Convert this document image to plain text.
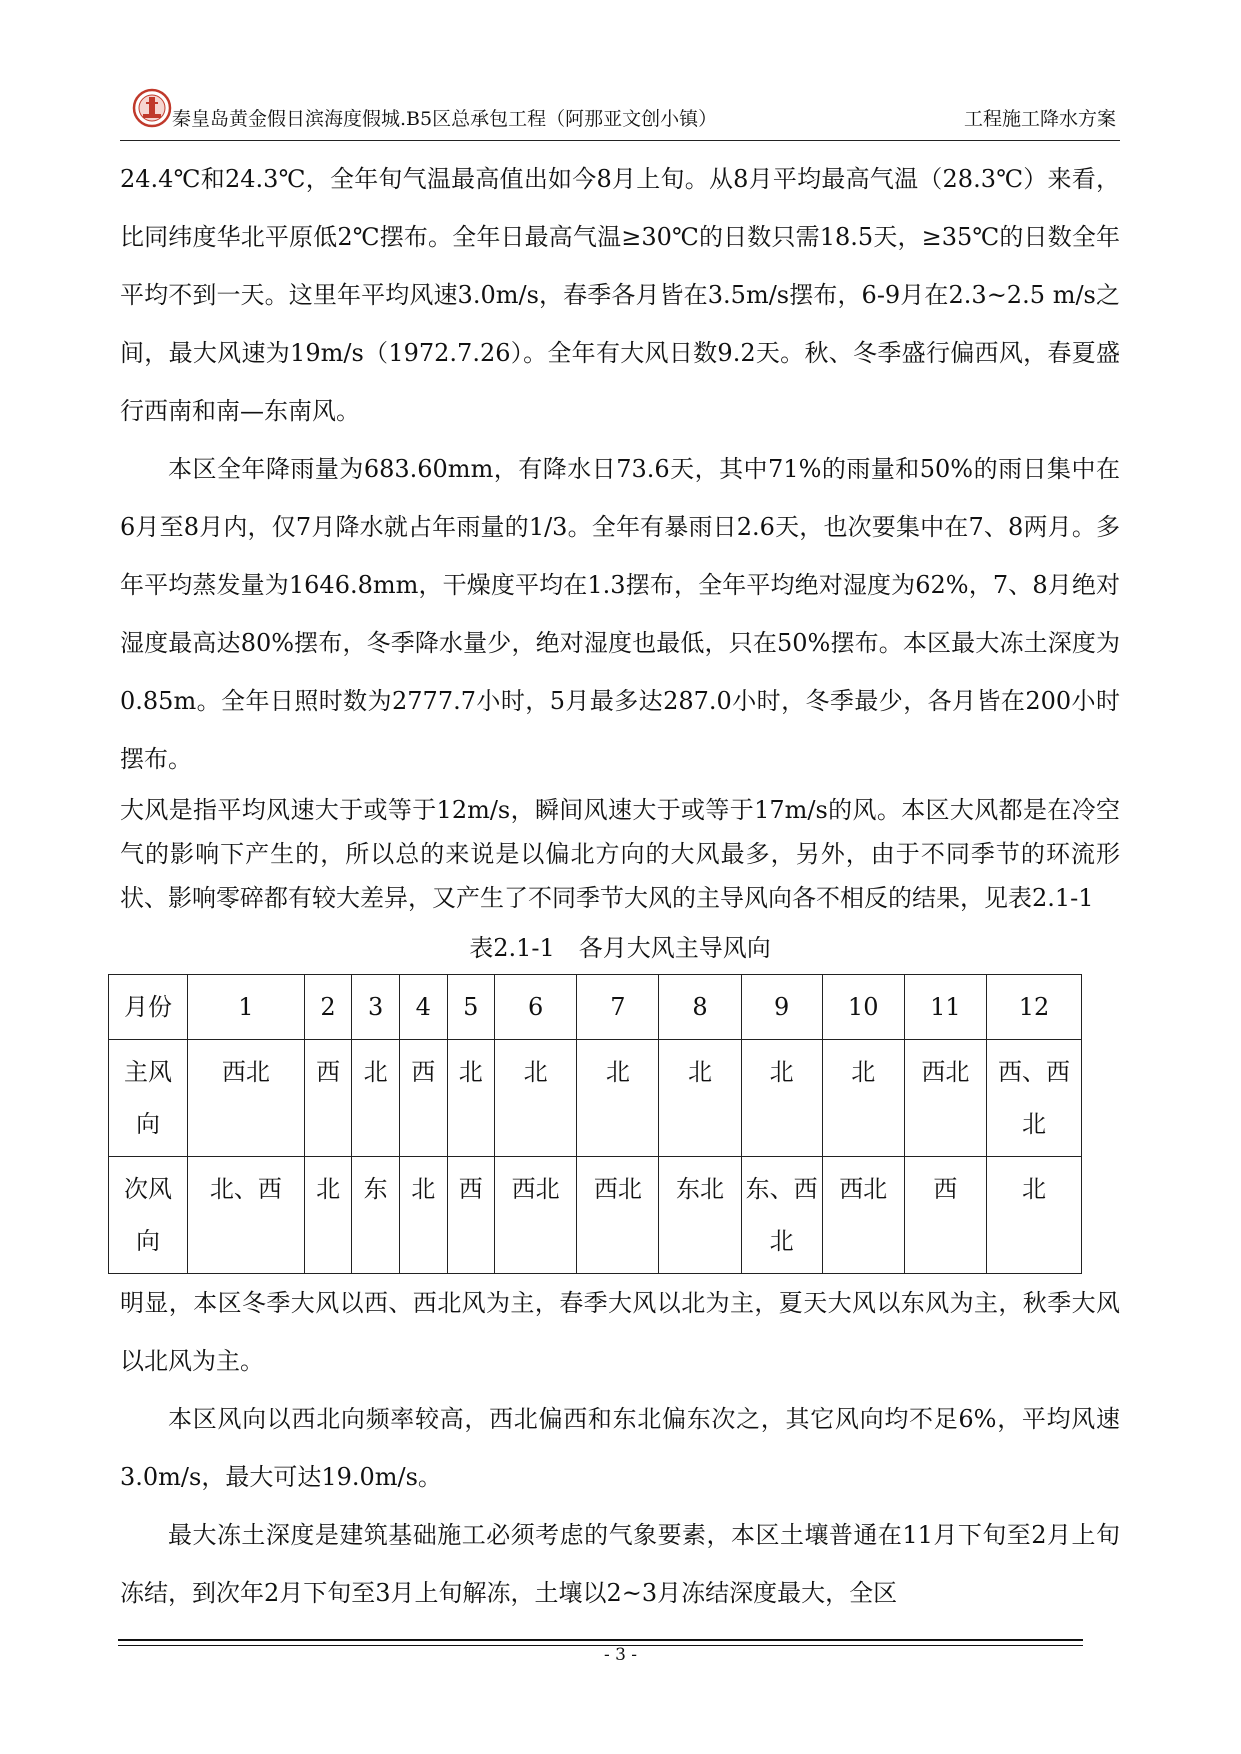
秦皇岛黄金假日滨海度假城.B5区总承包工程（阿那亚文创小镇）	工程施工降水方案

24.4℃和24.3℃，全年旬气温最高值出如今8月上旬。从8月平均最高气温（28.3℃）来看，比同纬度华北平原低2℃摆布。全年日最高气温≥30℃的日数只需18.5天，≥35℃的日数全年平均不到一天。这里年平均风速3.0m/s，春季各月皆在3.5m/s摆布，6-9月在2.3~2.5 m/s之间，最大风速为19m/s（1972.7.26）。全年有大风日数9.2天。秋、冬季盛行偏西风，春夏盛行西南和南—东南风。

本区全年降雨量为683.60mm，有降水日73.6天，其中71%的雨量和50%的雨日集中在6月至8月内，仅7月降水就占年雨量的1/3。全年有暴雨日2.6天，也次要集中在7、8两月。多年平均蒸发量为1646.8mm，干燥度平均在1.3摆布，全年平均绝对湿度为62%，7、8月绝对湿度最高达80%摆布，冬季降水量少，绝对湿度也最低，只在50%摆布。本区最大冻土深度为0.85m。全年日照时数为2777.7小时，5月最多达287.0小时，冬季最少，各月皆在200小时摆布。

大风是指平均风速大于或等于12m/s，瞬间风速大于或等于17m/s的风。本区大风都是在冷空气的影响下产生的，所以总的来说是以偏北方向的大风最多，另外，由于不同季节的环流形状、影响零碎都有较大差异，又产生了不同季节大风的主导风向各不相反的结果，见表2.1-1

表2.1-1　各月大风主导风向
月份	1	2	3	4	5	6	7	8	9	10	11	12
主风向	西北	西	北	西	北	北	北	北	北	北	西北	西、西北
次风向	北、西	北	东	北	西	西北	西北	东北	东、西北	西北	西	北

明显，本区冬季大风以西、西北风为主，春季大风以北为主，夏天大风以东风为主，秋季大风以北风为主。

本区风向以西北向频率较高，西北偏西和东北偏东次之，其它风向均不足6%，平均风速3.0m/s，最大可达19.0m/s。

最大冻土深度是建筑基础施工必须考虑的气象要素，本区土壤普通在11月下旬至2月上旬冻结，到次年2月下旬至3月上旬解冻，土壤以2~3月冻结深度最大，全区

- 3 -
